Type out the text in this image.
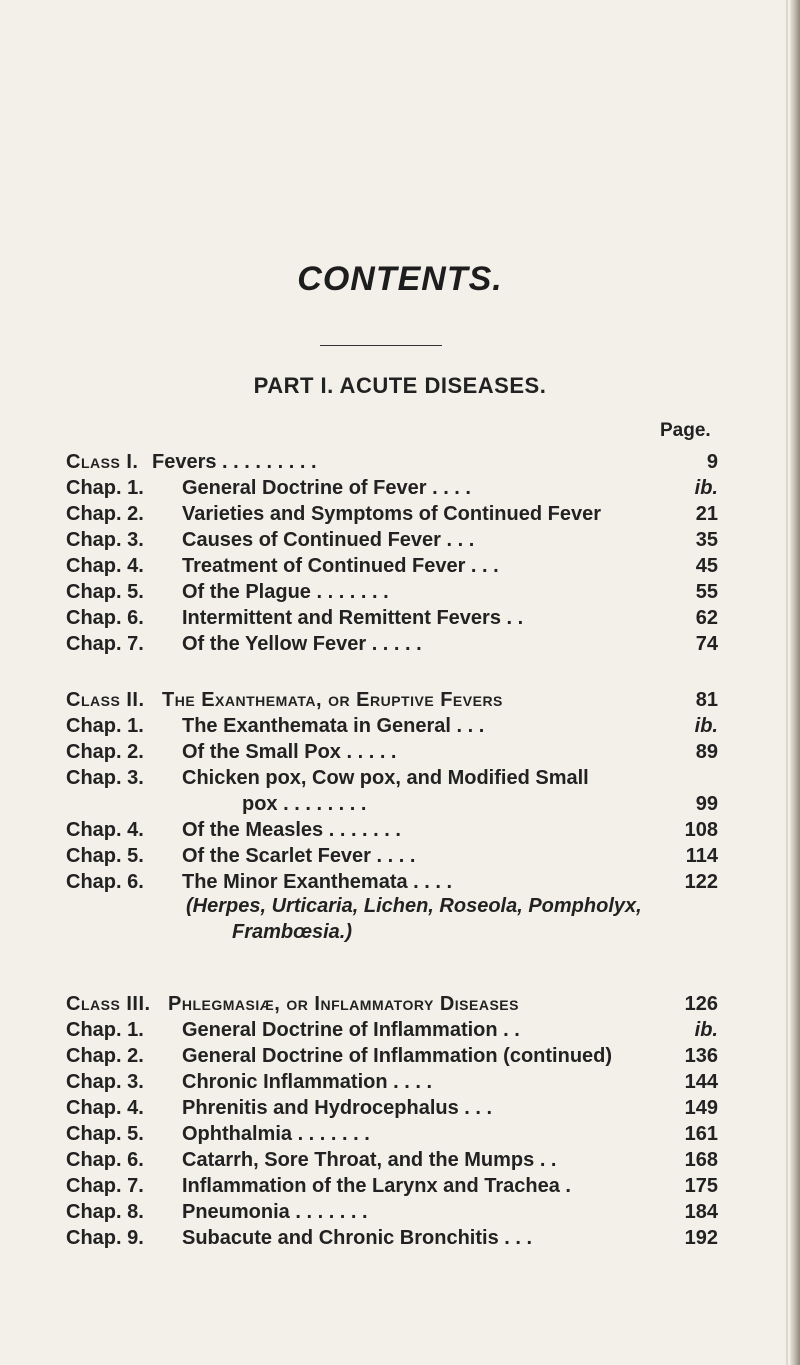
CONTENTS.
PART I. ACUTE DISEASES.
Page.
Class I. Fevers . . . . . . . . .	9
Chap. 1. General Doctrine of Fever . . . .	ib.
Chap. 2. Varieties and Symptoms of Continued Fever	21
Chap. 3. Causes of Continued Fever . . .	35
Chap. 4. Treatment of Continued Fever . . .	45
Chap. 5. Of the Plague . . . . . . .	55
Chap. 6. Intermittent and Remittent Fevers . .	62
Chap. 7. Of the Yellow Fever . . . . .	74
Class II. The Exanthemata, or Eruptive Fevers	81
Chap. 1. The Exanthemata in General . . .	ib.
Chap. 2. Of the Small Pox . . . . .	89
Chap. 3. Chicken pox, Cow pox, and Modified Small
pox . . . . . . . .	99
Chap. 4. Of the Measles . . . . . . .	108
Chap. 5. Of the Scarlet Fever . . . .	114
Chap. 6. The Minor Exanthemata . . . .	122
(Herpes, Urticaria, Lichen, Roseola, Pompholyx,
Frambœsia.)
Class III. Phlegmasiæ, or Inflammatory Diseases	126
Chap. 1. General Doctrine of Inflammation . .	ib.
Chap. 2. General Doctrine of Inflammation (continued)	136
Chap. 3. Chronic Inflammation . . . .	144
Chap. 4. Phrenitis and Hydrocephalus . . .	149
Chap. 5. Ophthalmia . . . . . . .	161
Chap. 6. Catarrh, Sore Throat, and the Mumps . .	168
Chap. 7. Inflammation of the Larynx and Trachea .	175
Chap. 8. Pneumonia . . . . . . .	184
Chap. 9. Subacute and Chronic Bronchitis . . .	192
